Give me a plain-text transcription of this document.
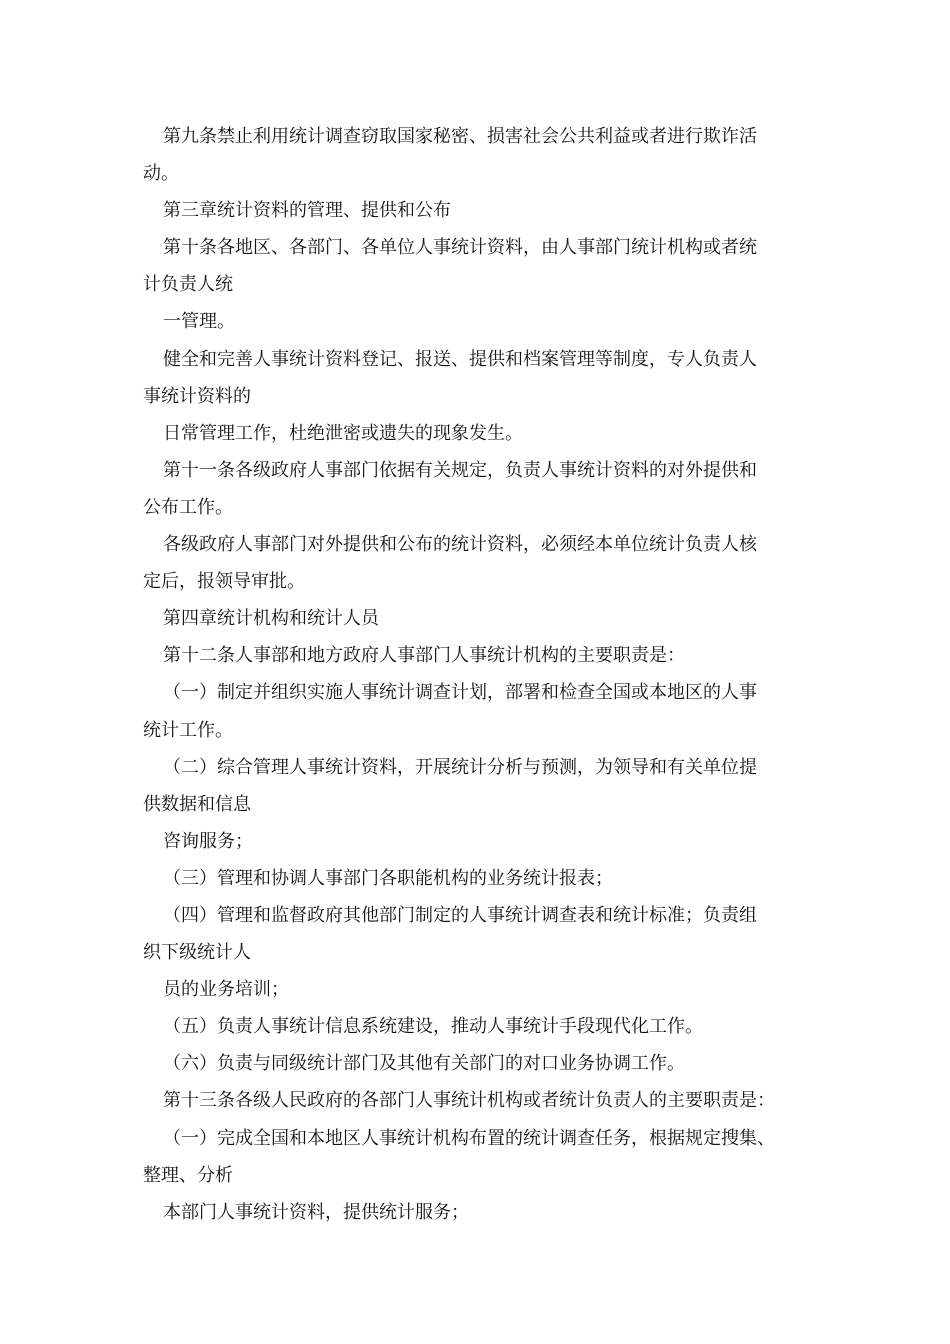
第九条禁止利用统计调查窃取国家秘密、损害社会公共利益或者进行欺诈活
动。
第三章统计资料的管理、提供和公布
第十条各地区、各部门、各单位人事统计资料，由人事部门统计机构或者统
计负责人统
一管理。
健全和完善人事统计资料登记、报送、提供和档案管理等制度，专人负责人
事统计资料的
日常管理工作，杜绝泄密或遗失的现象发生。
第十一条各级政府人事部门依据有关规定，负责人事统计资料的对外提供和
公布工作。
各级政府人事部门对外提供和公布的统计资料，必须经本单位统计负责人核
定后，报领导审批。
第四章统计机构和统计人员
第十二条人事部和地方政府人事部门人事统计机构的主要职责是：
（一）制定并组织实施人事统计调查计划，部署和检查全国或本地区的人事
统计工作。
（二）综合管理人事统计资料，开展统计分析与预测，为领导和有关单位提
供数据和信息
咨询服务；
（三）管理和协调人事部门各职能机构的业务统计报表；
（四）管理和监督政府其他部门制定的人事统计调查表和统计标准；负责组
织下级统计人
员的业务培训；
（五）负责人事统计信息系统建设，推动人事统计手段现代化工作。
（六）负责与同级统计部门及其他有关部门的对口业务协调工作。
第十三条各级人民政府的各部门人事统计机构或者统计负责人的主要职责是：
（一）完成全国和本地区人事统计机构布置的统计调查任务，根据规定搜集、
整理、分析
本部门人事统计资料，提供统计服务；
